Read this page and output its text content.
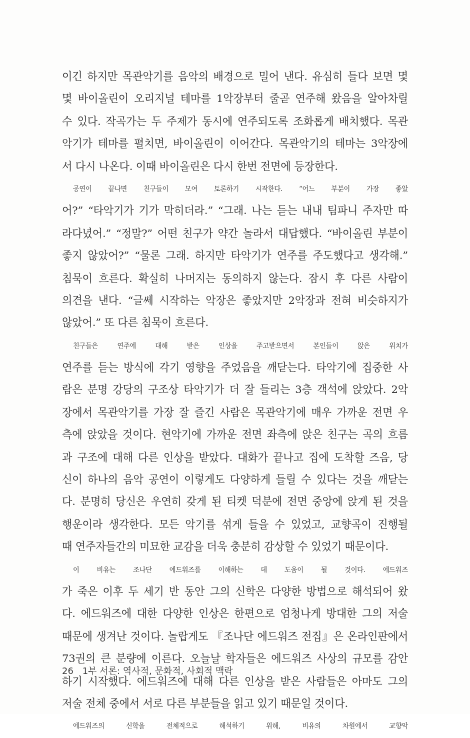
이긴 하지만 목관악기를 음악의 배경으로 밀어 낸다. 유심히 들다 보면 몇
몇 바이올린이 오리지널 테마를 1악장부터 줄곧 연주해 왔음을 알아차릴
수 있다. 작곡가는 두 주제가 동시에 연주되도록 조화롭게 배치했다. 목관
악기가 테마를 펼치면, 바이올린이 이어간다. 목관악기의 테마는 3악장에
서 다시 나온다. 이때 바이올린은 다시 한번 전면에 등장한다.
공연이 끝나면 친구들이 모여 토론하기 시작한다. “어느 부분이 가장 좋았
어?” “타악기가 기가 막히더라.” “그래. 나는 듣는 내내 팀파니 주자만 따
라다녔어.” “정말?” 어떤 친구가 약간 놀라서 대답했다. “바이올린 부분이
좋지 않았어?” “물론 그래. 하지만 타악기가 연주를 주도했다고 생각해.”
침묵이 흐른다. 확실히 나머지는 동의하지 않는다. 잠시 후 다른 사람이
의견을 낸다. “글쎄 시작하는 악장은 좋았지만 2악장과 전혀 비슷하지가
않았어.” 또 다른 침묵이 흐른다.
친구들은 연주에 대해 받은 인상을 주고받으면서 본인들이 앉은 위치가
연주를 듣는 방식에 각기 영향을 주었음을 깨닫는다. 타악기에 집중한 사
람은 분명 강당의 구조상 타악기가 더 잘 들리는 3층 객석에 앉았다. 2악
장에서 목관악기를 가장 잘 즐긴 사람은 목관악기에 매우 가까운 전면 우
측에 앉았을 것이다. 현악기에 가까운 전면 좌측에 앉은 친구는 곡의 흐름
과 구조에 대해 다른 인상을 받았다. 대화가 끝나고 집에 도착할 즈음, 당
신이 하나의 음악 공연이 이렇게도 다양하게 들릴 수 있다는 것을 깨닫는
다. 분명히 당신은 우연히 갖게 된 티켓 덕분에 전면 중앙에 앉게 된 것을
행운이라 생각한다. 모든 악기를 섞게 들을 수 있었고, 교향곡이 진행될
때 연주자들간의 미묘한 교감을 더욱 충분히 감상할 수 있었기 때문이다.
이 비유는 조나단 에드워즈를 이해하는 데 도움이 될 것이다. 에드워즈
가 죽은 이후 두 세기 반 동안 그의 신학은 다양한 방법으로 해석되어 왔
다. 에드워즈에 대한 다양한 인상은 한편으로 엄청나게 방대한 그의 저술
때문에 생겨난 것이다. 놀랍게도 『조나단 에드워즈 전집』은 온라인판에서
73권의 큰 분량에 이른다. 오늘날 학자들은 에드워즈 사상의 규모를 감안
하기 시작했다. 에드워즈에 대해 다른 인상을 받은 사람들은 아마도 그의
저술 전체 중에서 서로 다른 부분들을 읽고 있기 때문일 것이다.
에드워즈의 신학을 전체적으로 해석하기 위해, 비유의 차원에서 교향악
26 1부 서론: 역사적, 문화적, 사회적 맥락
